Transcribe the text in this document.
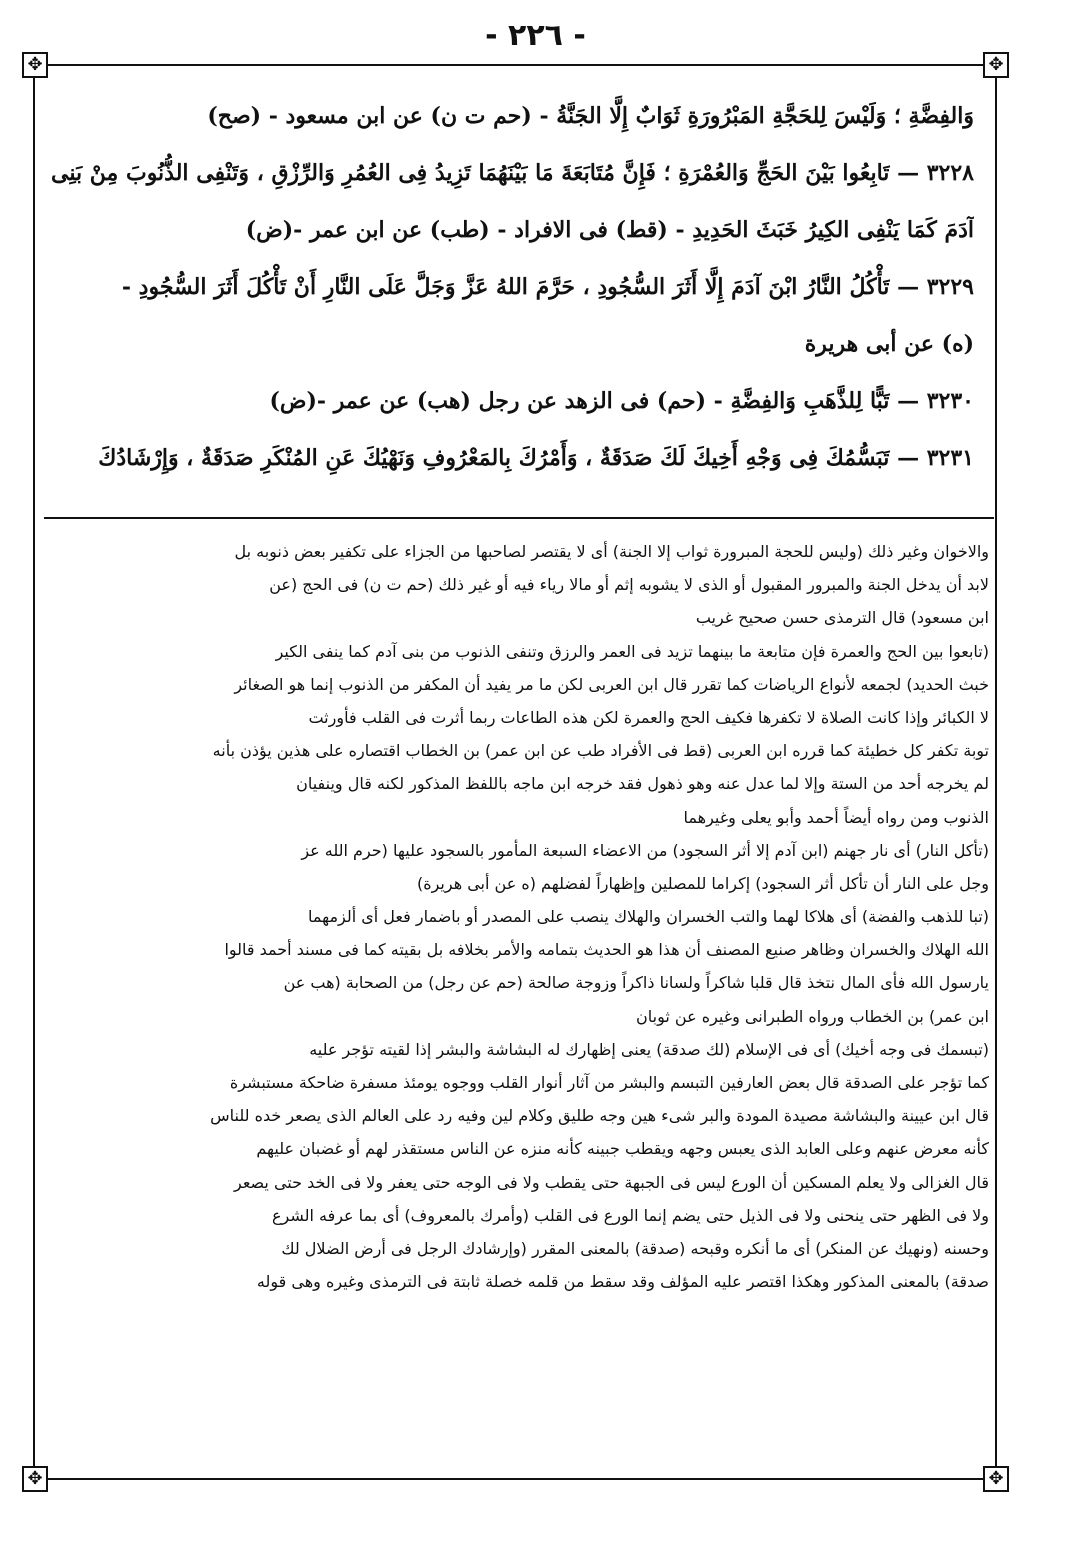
- ٢٢٦ -
✥	✥
✥	✥
وَالفِضَّةِ ؛ وَلَيْسَ لِلحَجَّةِ المَبْرُورَةِ ثَوَابٌ إِلَّا الجَنَّةُ - (حم ت ن) عن ابن مسعود - (صح)
٣٢٢٨ — تَابِعُوا بَيْنَ الحَجِّ وَالعُمْرَةِ ؛ فَإِنَّ مُتَابَعَةَ مَا بَيْنَهُمَا تَزِيدُ فِى العُمُرِ وَالرِّزْقِ ، وَتَنْفِى الذُّنُوبَ مِنْ بَنِى
آدَمَ كَمَا يَنْفِى الكِيرُ خَبَثَ الحَدِيدِ - (قط) فى الافراد - (طب) عن ابن عمر -(ض)
٣٢٢٩ — تَأْكُلُ النَّارُ ابْنَ آدَمَ إِلَّا أَثَرَ السُّجُودِ ، حَرَّمَ اللهُ عَزَّ وَجَلَّ عَلَى النَّارِ أَنْ تَأْكُلَ أَثَرَ السُّجُودِ -
(ه) عن أبى هريرة
٣٢٣٠ — تَبًّا لِلذَّهَبِ وَالفِضَّةِ - (حم) فى الزهد عن رجل (هب) عن عمر -(ض)
٣٢٣١ — تَبَسُّمُكَ فِى وَجْهِ أَخِيكَ لَكَ صَدَقَةٌ ، وَأَمْرُكَ بِالمَعْرُوفِ وَنَهْيُكَ عَنِ المُنْكَرِ صَدَقَةٌ ، وَإِرْشَادُكَ
والاخوان وغير ذلك (وليس للحجة المبرورة ثواب إلا الجنة) أى لا يقتصر لصاحبها من الجزاء على تكفير بعض ذنوبه بل
لابد أن يدخل الجنة والمبرور المقبول أو الذى لا يشوبه إثم أو مالا رياء فيه أو غير ذلك (حم ت ن) فى الحج (عن
ابن مسعود) قال الترمذى حسن صحيح غريب
(تابعوا بين الحج والعمرة فإن متابعة ما بينهما تزيد فى العمر والرزق وتنفى الذنوب من بنى آدم كما ينفى الكير
خبث الحديد) لجمعه لأنواع الرياضات كما تقرر قال ابن العربى لكن ما مر يفيد أن المكفر من الذنوب إنما هو الصغائر
لا الكبائر وإذا كانت الصلاة لا تكفرها فكيف الحج والعمرة لكن هذه الطاعات ربما أثرت فى القلب فأورثت
توبة تكفر كل خطيئة كما قرره ابن العربى (قط فى الأفراد طب عن ابن عمر) بن الخطاب اقتصاره على هذين يؤذن بأنه
لم يخرجه أحد من الستة وإلا لما عدل عنه وهو ذهول فقد خرجه ابن ماجه باللفظ المذكور لكنه قال وينفيان
الذنوب ومن رواه أيضاً أحمد وأبو يعلى وغيرهما
(تأكل النار) أى نار جهنم (ابن آدم إلا أثر السجود) من الاعضاء السبعة المأمور بالسجود عليها (حرم الله عز
وجل على النار أن تأكل أثر السجود) إكراما للمصلين وإظهاراً لفضلهم (ه عن أبى هريرة)
(تبا للذهب والفضة) أى هلاكا لهما والتب الخسران والهلاك ينصب على المصدر أو باضمار فعل أى ألزمهما
الله الهلاك والخسران وظاهر صنيع المصنف أن هذا هو الحديث بتمامه والأمر بخلافه بل بقيته كما فى مسند أحمد قالوا
يارسول الله فأى المال نتخذ قال قلبا شاكراً ولسانا ذاكراً وزوجة صالحة (حم عن رجل) من الصحابة (هب عن
ابن عمر) بن الخطاب ورواه الطبرانى وغيره عن ثوبان
(تبسمك فى وجه أخيك) أى فى الإسلام (لك صدقة) يعنى إظهارك له البشاشة والبشر إذا لقيته تؤجر عليه
كما تؤجر على الصدقة قال بعض العارفين التبسم والبشر من آثار أنوار القلب ووجوه يومئذ مسفرة ضاحكة مستبشرة
قال ابن عيينة والبشاشة مصيدة المودة والبر شىء هين وجه طليق وكلام لين وفيه رد على العالم الذى يصعر خده للناس
كأنه معرض عنهم وعلى العابد الذى يعبس وجهه ويقطب جبينه كأنه منزه عن الناس مستقذر لهم أو غضبان عليهم
قال الغزالى ولا يعلم المسكين أن الورع ليس فى الجبهة حتى يقطب ولا فى الوجه حتى يعفر ولا فى الخد حتى يصعر
ولا فى الظهر حتى ينحنى ولا فى الذيل حتى يضم إنما الورع فى القلب (وأمرك بالمعروف) أى بما عرفه الشرع
وحسنه (ونهيك عن المنكر) أى ما أنكره وقبحه (صدقة) بالمعنى المقرر (وإرشادك الرجل فى أرض الضلال لك
صدقة) بالمعنى المذكور وهكذا اقتصر عليه المؤلف وقد سقط من قلمه خصلة ثابتة فى الترمذى وغيره وهى قوله
